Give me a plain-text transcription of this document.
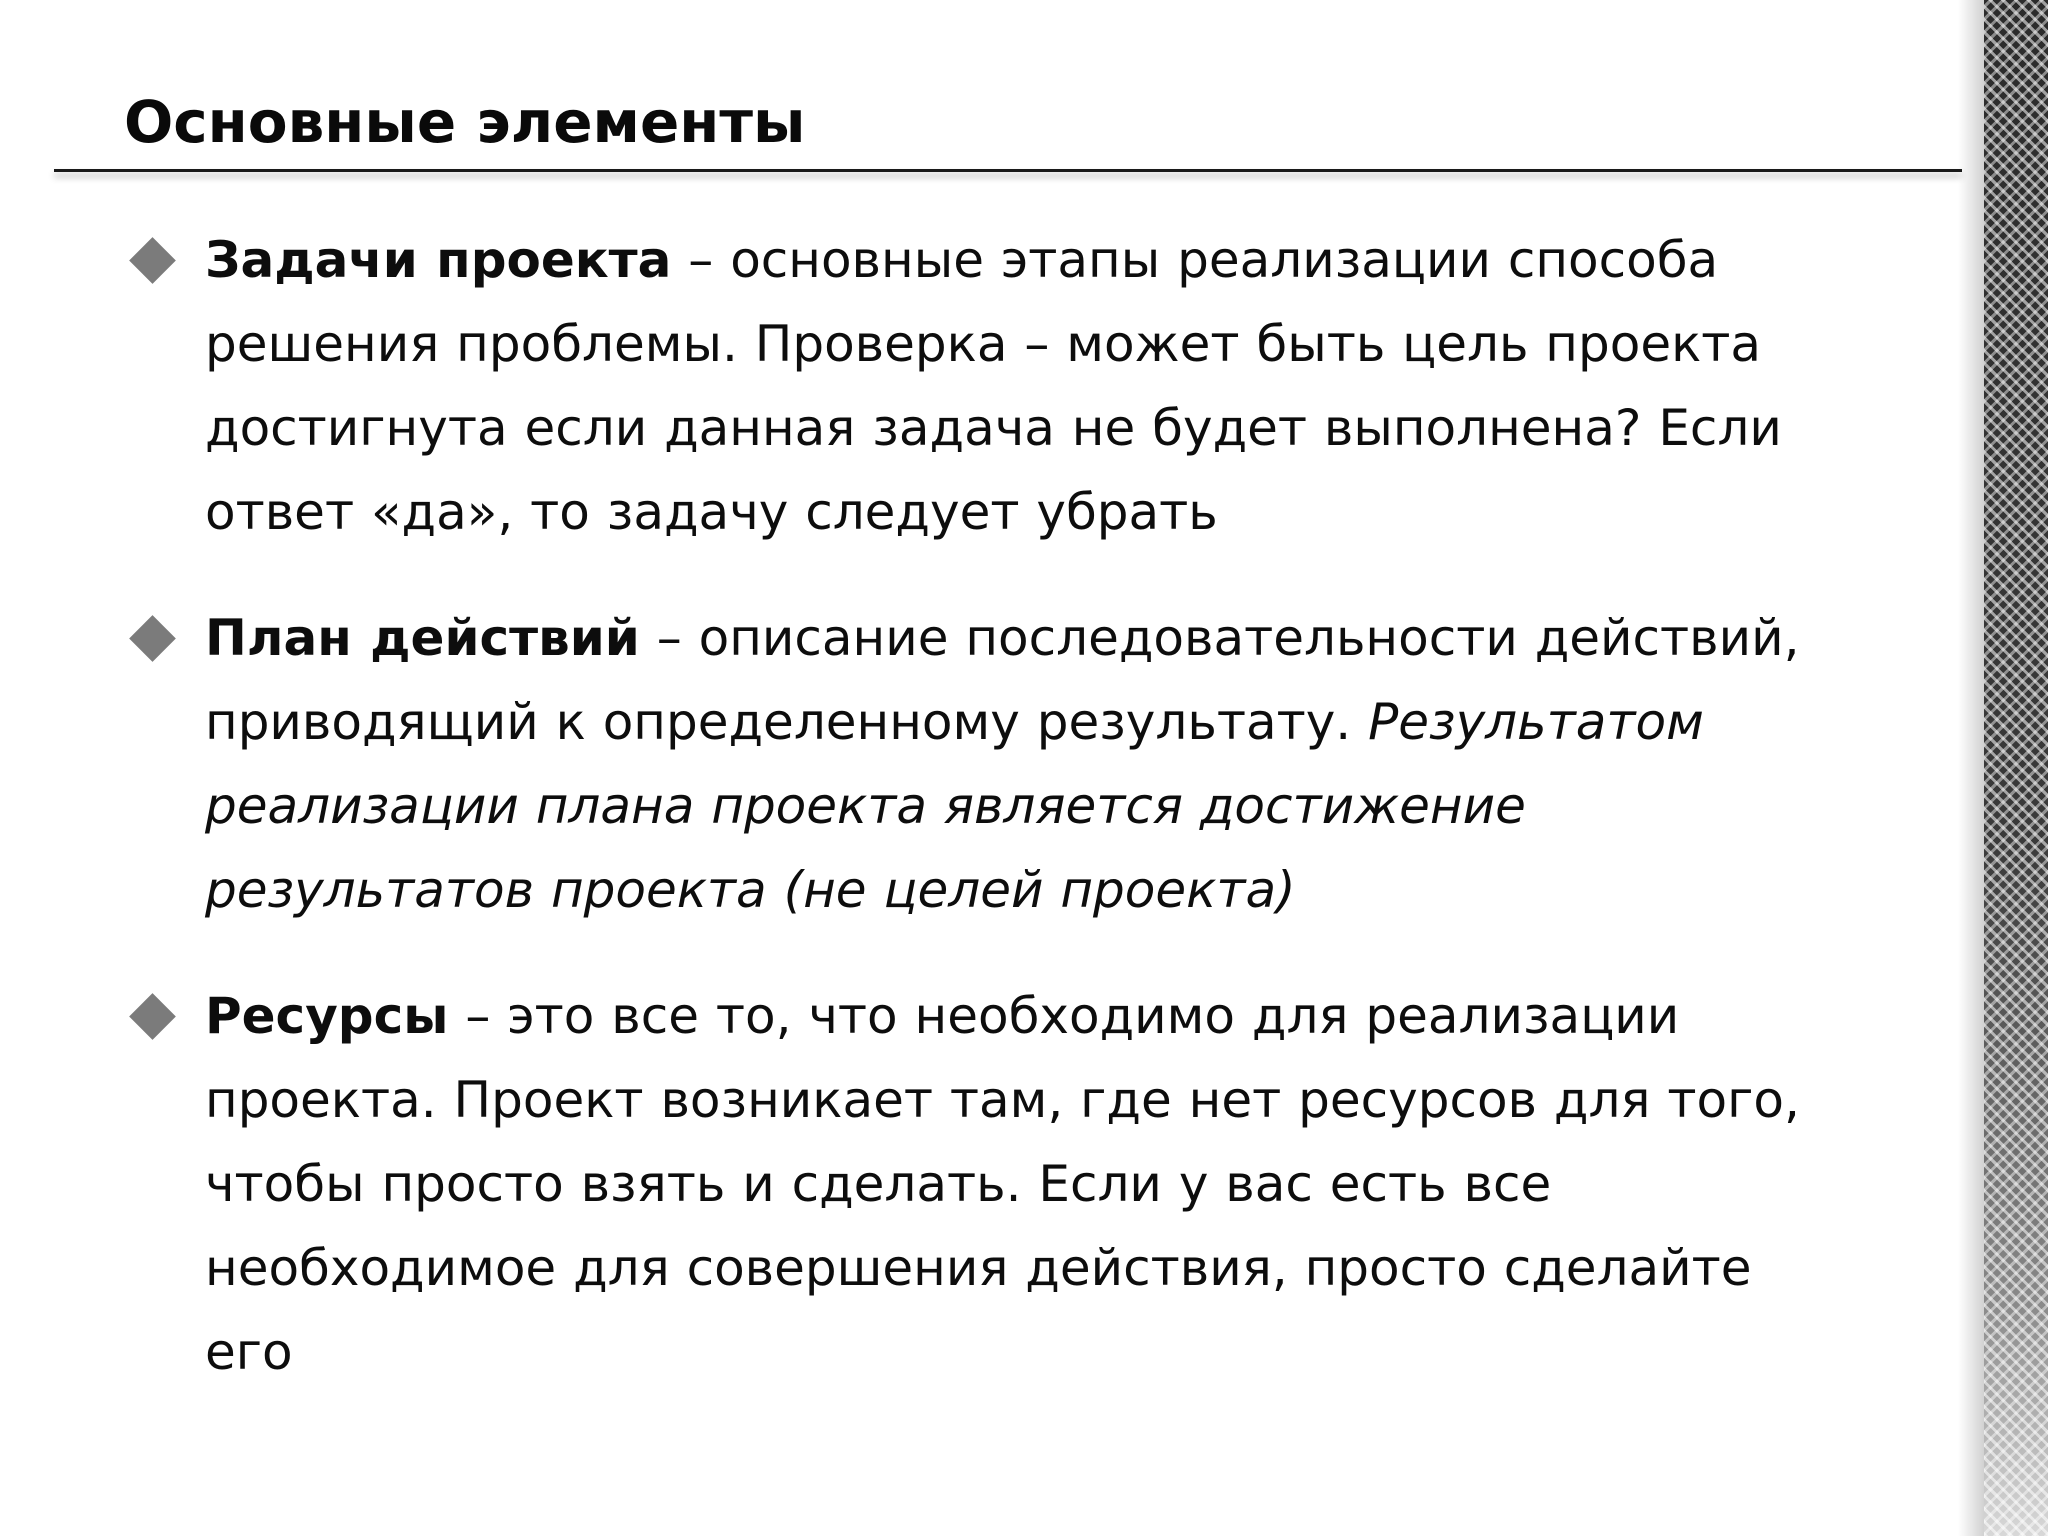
Основные элементы

Задачи проекта – основные этапы реализации способа
решения проблемы. Проверка – может быть цель проекта
достигнута если данная задача не будет выполнена? Если
ответ «да», то задачу следует убрать

План действий – описание последовательности действий,
приводящий к определенному результату. Результатом
реализации плана проекта является достижение
результатов проекта (не целей проекта)

Ресурсы – это все то, что необходимо для реализации
проекта. Проект возникает там, где нет ресурсов для того,
чтобы просто взять и сделать. Если у вас есть все
необходимое для совершения действия, просто сделайте
его
